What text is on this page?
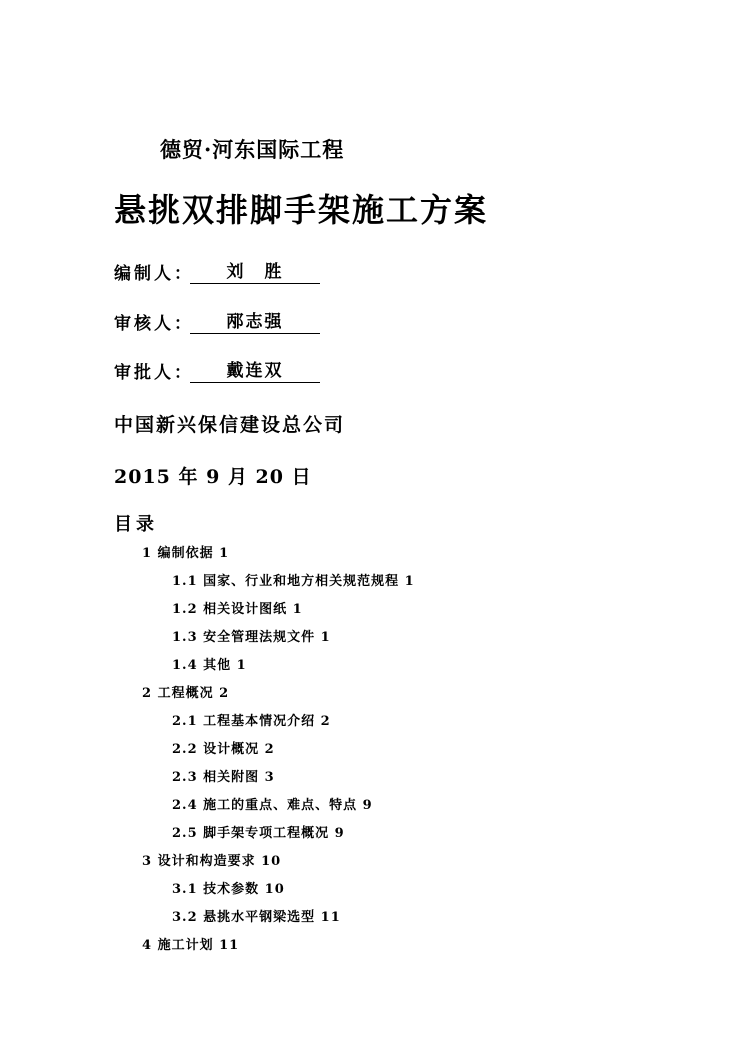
德贸·河东国际工程
悬挑双排脚手架施工方案
编制人：	刘　胜
审核人：	邴志强
审批人：	戴连双
中国新兴保信建设总公司
2015 年 9 月 20 日
目录
1 编制依据 1
1.1 国家、行业和地方相关规范规程 1
1.2 相关设计图纸 1
1.3 安全管理法规文件 1
1.4 其他 1
2 工程概况 2
2.1 工程基本情况介绍 2
2.2 设计概况 2
2.3 相关附图 3
2.4 施工的重点、难点、特点 9
2.5 脚手架专项工程概况 9
3 设计和构造要求 10
3.1 技术参数 10
3.2 悬挑水平钢梁选型 11
4 施工计划 11
